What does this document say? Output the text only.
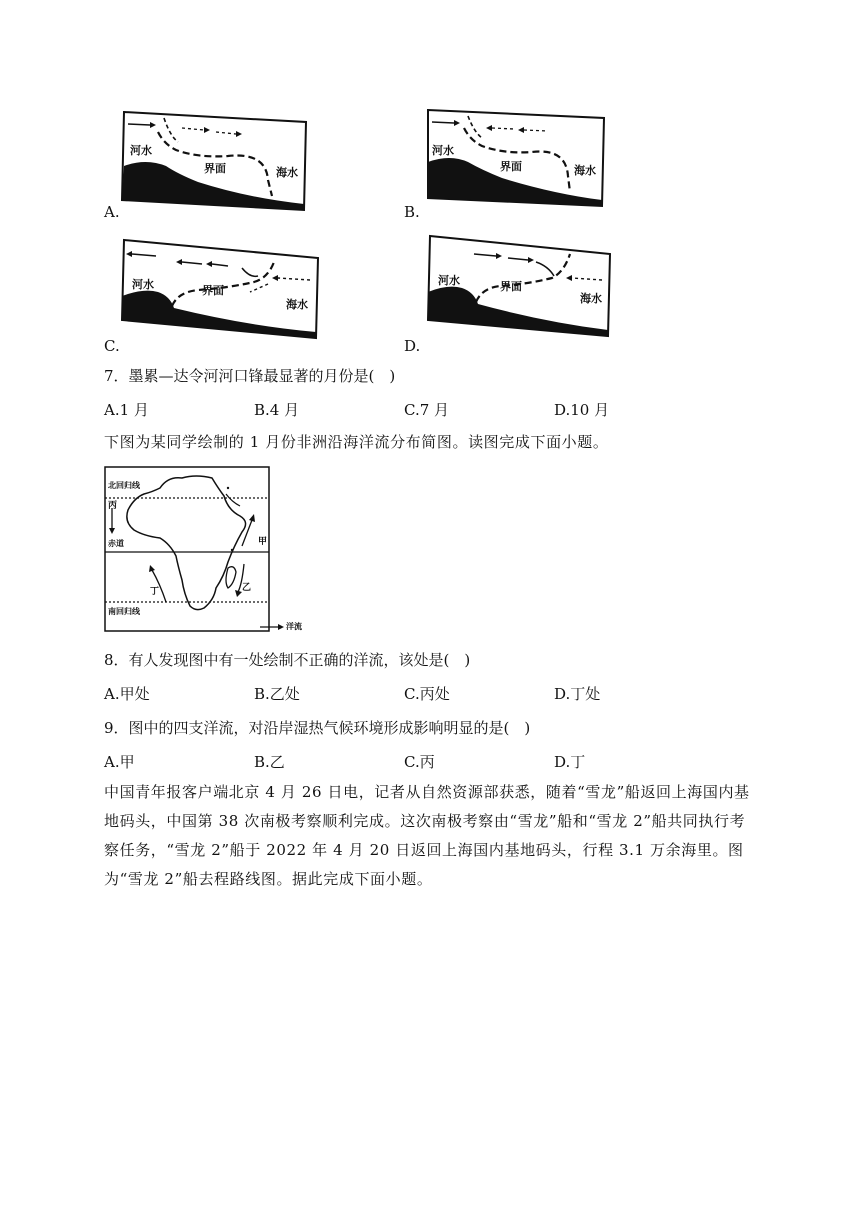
河水
界面	海水
A.
河水
界面	海水
B.
河水	界面
海水
C.
河水	界面
海水
D.
7．墨累—达令河河口锋最显著的月份是(　)
A.1 月	B.4 月	C.7 月	D.10 月
下图为某同学绘制的 1 月份非洲沿海洋流分布简图。读图完成下面小题。
北回归线
赤道
南回归线
丙
甲
乙
丁
洋流
8．有人发现图中有一处绘制不正确的洋流，该处是(　)
A.甲处	B.乙处	C.丙处	D.丁处
9．图中的四支洋流，对沿岸湿热气候环境形成影响明显的是(　)
A.甲	B.乙	C.丙	D.丁
中国青年报客户端北京 4 月 26 日电，记者从自然资源部获悉，随着“雪龙”船返回上海国内基地码头，中国第 38 次南极考察顺利完成。这次南极考察由“雪龙”船和“雪龙 2”船共同执行考察任务，“雪龙 2”船于 2022 年 4 月 20 日返回上海国内基地码头，行程 3.1 万余海里。图为“雪龙 2”船去程路线图。据此完成下面小题。
